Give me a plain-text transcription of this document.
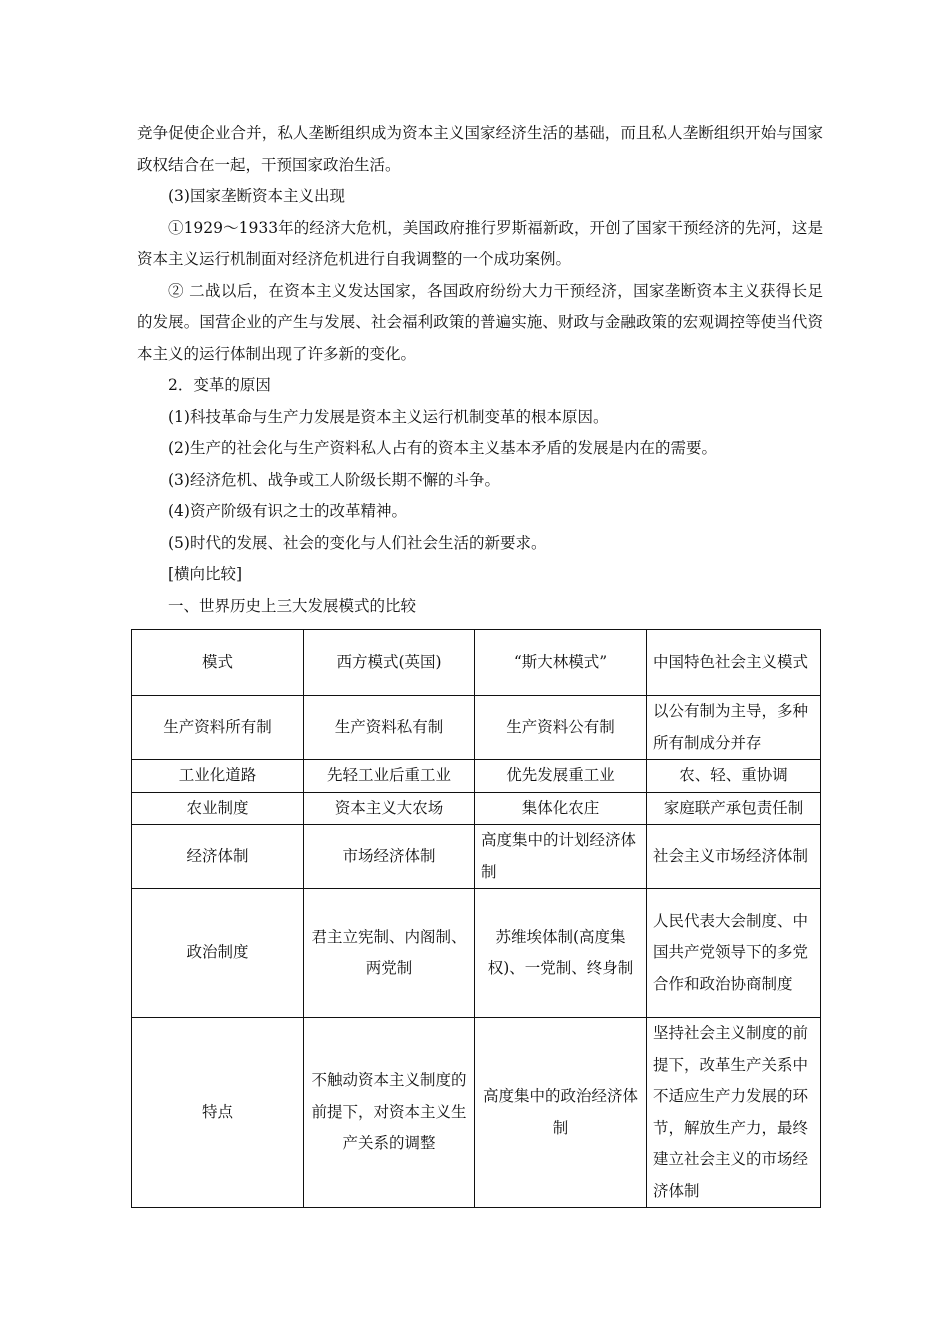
竞争促使企业合并，私人垄断组织成为资本主义国家经济生活的基础，而且私人垄断组织开始与国家政权结合在一起，干预国家政治生活。

(3)国家垄断资本主义出现

①1929～1933年的经济大危机，美国政府推行罗斯福新政，开创了国家干预经济的先河，这是资本主义运行机制面对经济危机进行自我调整的一个成功案例。

② 二战以后，在资本主义发达国家，各国政府纷纷大力干预经济，国家垄断资本主义获得长足的发展。国营企业的产生与发展、社会福利政策的普遍实施、财政与金融政策的宏观调控等使当代资本主义的运行体制出现了许多新的变化。

2．变革的原因

(1)科技革命与生产力发展是资本主义运行机制变革的根本原因。

(2)生产的社会化与生产资料私人占有的资本主义基本矛盾的发展是内在的需要。

(3)经济危机、战争或工人阶级长期不懈的斗争。

(4)资产阶级有识之士的改革精神。

(5)时代的发展、社会的变化与人们社会生活的新要求。

[横向比较]

一、世界历史上三大发展模式的比较

模式	西方模式(英国)	“斯大林模式”	中国特色社会主义模式
生产资料所有制	生产资料私有制	生产资料公有制	以公有制为主导，多种所有制成分并存
工业化道路	先轻工业后重工业	优先发展重工业	农、轻、重协调
农业制度	资本主义大农场	集体化农庄	家庭联产承包责任制
经济体制	市场经济体制	高度集中的计划经济体制	社会主义市场经济体制
政治制度	君主立宪制、内阁制、两党制	苏维埃体制(高度集权)、一党制、终身制	人民代表大会制度、中国共产党领导下的多党合作和政治协商制度
特点	不触动资本主义制度的前提下，对资本主义生产关系的调整	高度集中的政治经济体制	坚持社会主义制度的前提下，改革生产关系中不适应生产力发展的环节，解放生产力，最终建立社会主义的市场经济体制
